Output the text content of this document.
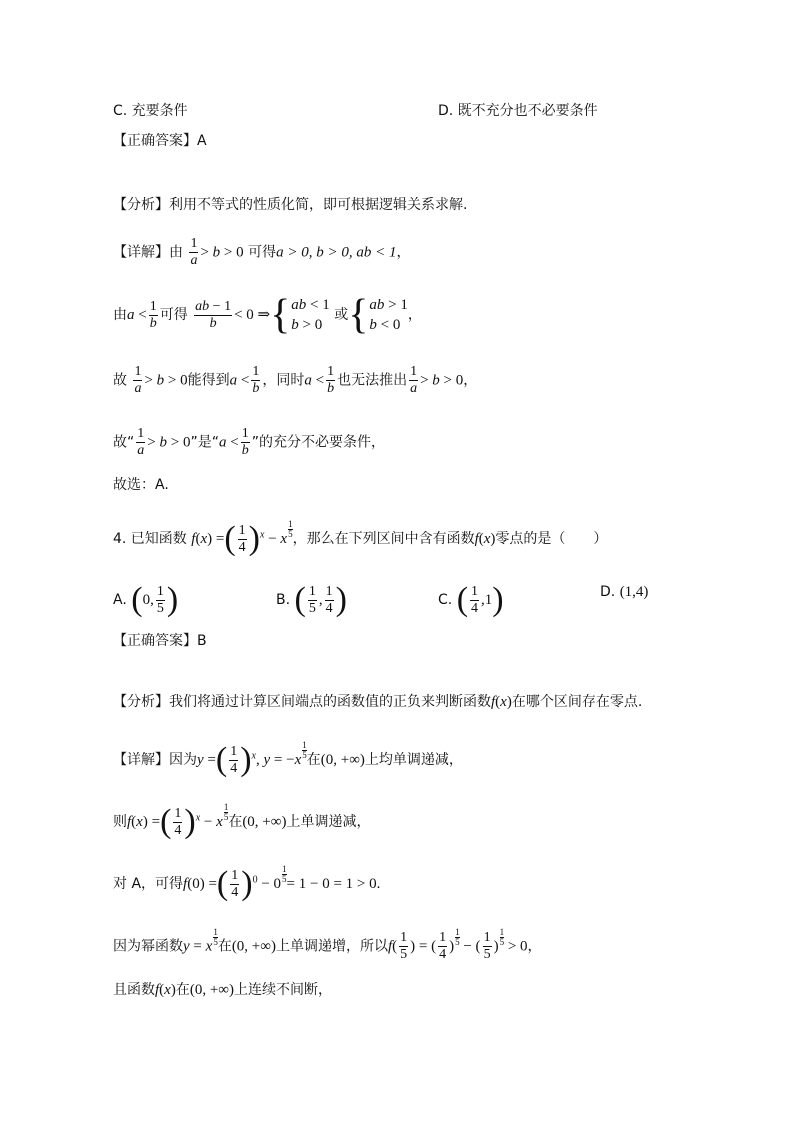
C. 充要条件	D. 既不充分也不必要条件
【正确答案】A
【分析】利用不等式的性质化简，即可根据逻辑关系求解.
【详解】由 $\frac{1}{a} > b > 0$ 可得a > 0, b > 0, ab < 1，
由$a < \frac{1}{b}$ 可得 $\frac{ab - 1}{b} < 0$ ⇒{ ab < 1
b > 0
或{ ab > 1
b < 0
，
故 $\frac{1}{a} > b > 0$能得到$a < \frac{1}{b}$ ，同时$a < \frac{1}{b}$ 也无法推出 $\frac{1}{a} > b > 0$，
故“ $\frac{1}{a} > b > 0$”是“$a < \frac{1}{b}$ ”的充分不必要条件，
故选：A.
4. 已知函数 f(x) =( $\frac{1}{4} )^x - x \frac{1}{5}$ ，那么在下列区间中含有函数f(x)零点的是（　　）
A. (0, $\frac{1}{5}$ )	B. ( $\frac{1}{5}$ , $\frac{1}{4}$ )	C. ( $\frac{1}{4} ,1$)	D. (1,4)
【正确答案】B
【分析】我们将通过计算区间端点的函数值的正负来判断函数f(x)在哪个区间存在零点.
【详解】因为y =( $\frac{1}{4} )^x$, $y = -x \frac{1}{5}$ 在(0, +∞)上均单调递减，
则f(x) =( $\frac{1}{4} )^x - x \frac{1}{5}$ 在(0, +∞)上单调递减，
对 A，可得f(0) =( $\frac{1}{4} )^0 - 0 \frac{1}{5} = 1 - 0 = 1 > 0$.
因为幂函数y = x $\frac{1}{5}$ 在(0, +∞)上单调递增，所以$f( \frac{1}{5}$ ) = ( $\frac{1}{4}$ ) $\frac{1}{5}$ − ( $\frac{1}{5}$ ) $\frac{1}{5} > 0$，
且函数f(x)在(0, +∞)上连续不间断，
